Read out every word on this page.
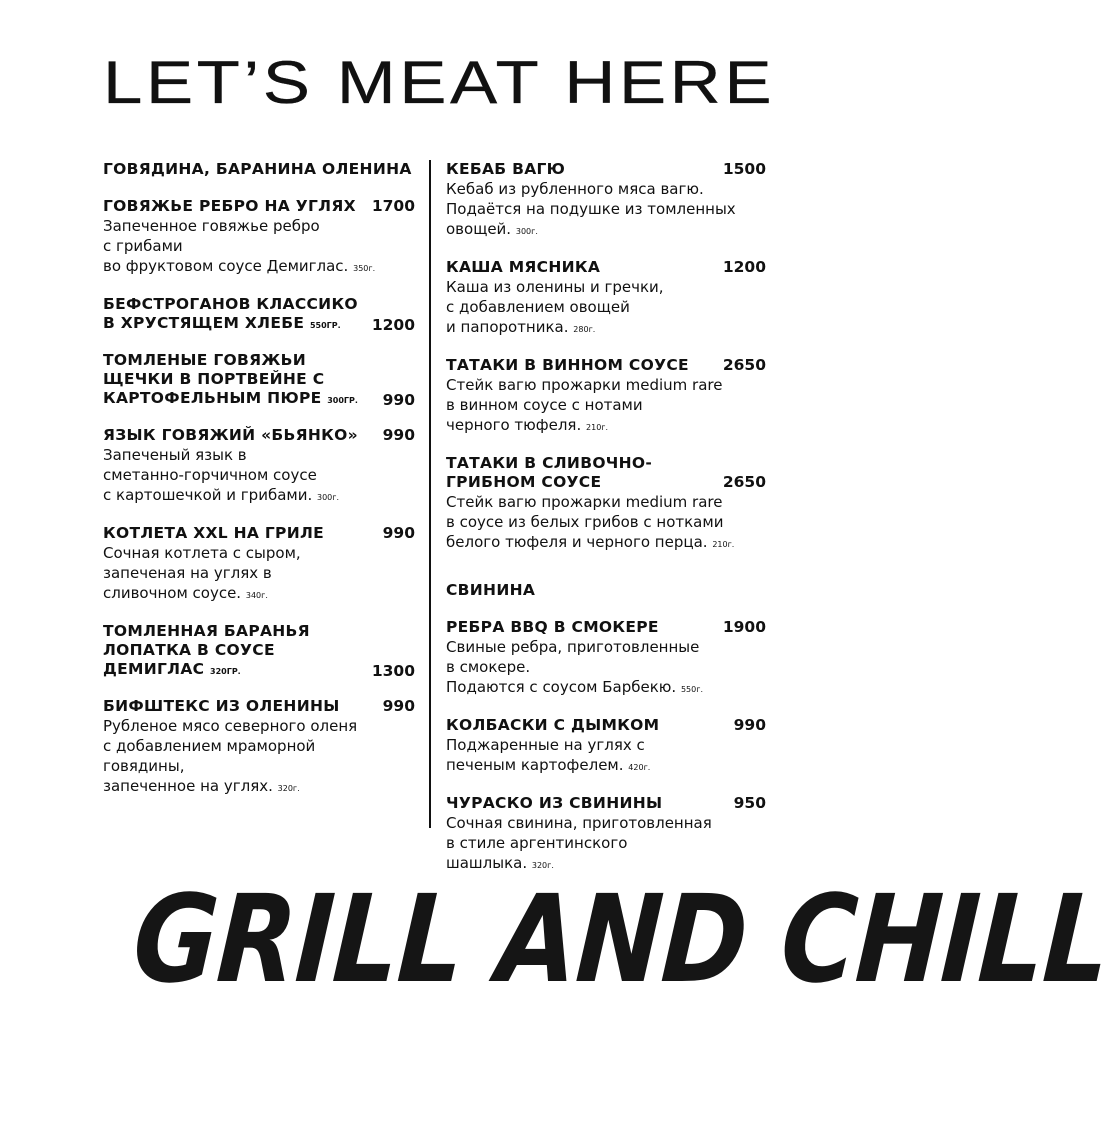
LET’S MEAT HERE
ГОВЯДИНА, БАРАНИНА ОЛЕНИНА
ГОВЯЖЬЕ РЕБРО НА УГЛЯХ	1700
Запеченное говяжье ребро
с грибами
во фруктовом соусе Демиглас. 350г.
БЕФСТРОГАНОВ КЛАССИКО В ХРУСТЯЩЕМ ХЛЕБЕ 550ГР.	1200
ТОМЛЕНЫЕ ГОВЯЖЬИ ЩЕЧКИ В ПОРТВЕЙНЕ С КАРТОФЕЛЬНЫМ ПЮРЕ 300ГР.	990
ЯЗЫК ГОВЯЖИЙ «БЬЯНКО»	990
Запеченый язык в
сметанно-горчичном соусе
с картошечкой и грибами. 300г.
КОТЛЕТА XXL НА ГРИЛЕ	990
Сочная котлета с сыром,
запеченая на углях в
сливочном соусе. 340г.
ТОМЛЕННАЯ БАРАНЬЯ ЛОПАТКА В СОУСЕ ДЕМИГЛАС 320ГР.	1300
БИФШТЕКС ИЗ ОЛЕНИНЫ	990
Рубленое мясо северного оленя
с добавлением мраморной
говядины,
запеченное на углях. 320г.
КЕБАБ ВАГЮ	1500
Кебаб из рубленного мяса вагю.
Подаётся на подушке из томленных
овощей. 300г.
КАША МЯСНИКА	1200
Каша из оленины и гречки,
с добавлением овощей
и папоротника. 280г.
ТАТАКИ В ВИННОМ СОУСЕ	2650
Стейк вагю прожарки medium rare
в винном соусе с нотами
черного тюфеля. 210г.
ТАТАКИ В СЛИВОЧНО-ГРИБНОМ СОУСЕ	2650
Стейк вагю прожарки medium rare
в соусе из белых грибов с нотками
белого тюфеля и черного перца. 210г.
СВИНИНА
РЕБРА BBQ В СМОКЕРЕ	1900
Свиные ребра, приготовленные
в смокере.
Подаются с соусом Барбекю. 550г.
КОЛБАСКИ С ДЫМКОМ	990
Поджаренные на углях с
печеным картофелем. 420г.
ЧУРАСКО ИЗ СВИНИНЫ	950
Сочная свинина, приготовленная
в стиле аргентинского
шашлыка. 320г.
GRILL AND CHILL
